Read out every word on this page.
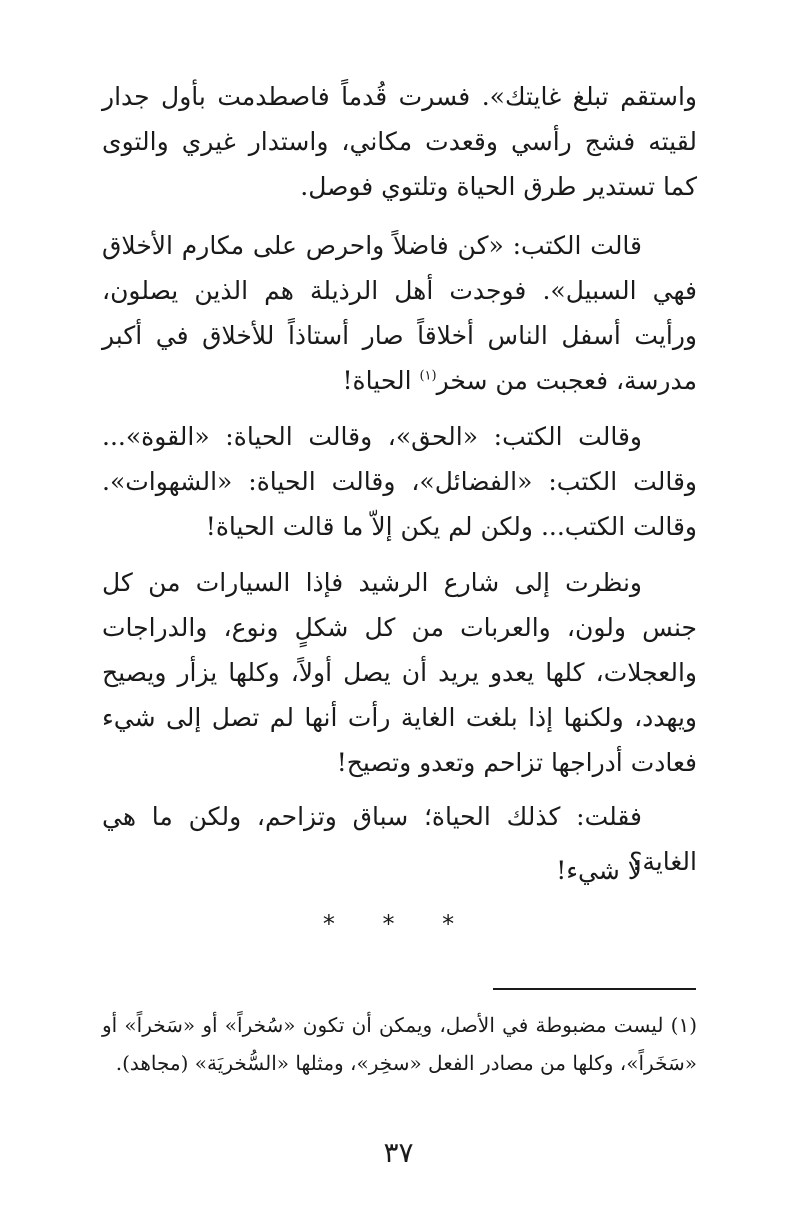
واستقم تبلغ غايتك». فسرت قُدماً فاصطدمت بأول جدار لقيته فشج رأسي وقعدت مكاني، واستدار غيري والتوى كما تستدير طرق الحياة وتلتوي فوصل.

قالت الكتب: «كن فاضلاً واحرص على مكارم الأخلاق فهي السبيل». فوجدت أهل الرذيلة هم الذين يصلون، ورأيت أسفل الناس أخلاقاً صار أستاذاً للأخلاق في أكبر مدرسة، فعجبت من سخر$^{(١)}$ الحياة!

وقالت الكتب: «الحق»، وقالت الحياة: «القوة»... وقالت الكتب: «الفضائل»، وقالت الحياة: «الشهوات». وقالت الكتب... ولكن لم يكن إلاّ ما قالت الحياة!

ونظرت إلى شارع الرشيد فإذا السيارات من كل جنس ولون، والعربات من كل شكلٍ ونوع، والدراجات والعجلات، كلها يعدو يريد أن يصل أولاً، وكلها يزأر ويصيح ويهدد، ولكنها إذا بلغت الغاية رأت أنها لم تصل إلى شيء فعادت أدراجها تزاحم وتعدو وتصيح!

فقلت: كذلك الحياة؛ سباق وتزاحم، ولكن ما هي الغاية؟

لا شيء!

* * *

(١) ليست مضبوطة في الأصل، ويمكن أن تكون «سُخراً» أو «سَخراً» أو «سَخَراً»، وكلها من مصادر الفعل «سخِر»، ومثلها «السُّخريَة» (مجاهد).

٣٧
